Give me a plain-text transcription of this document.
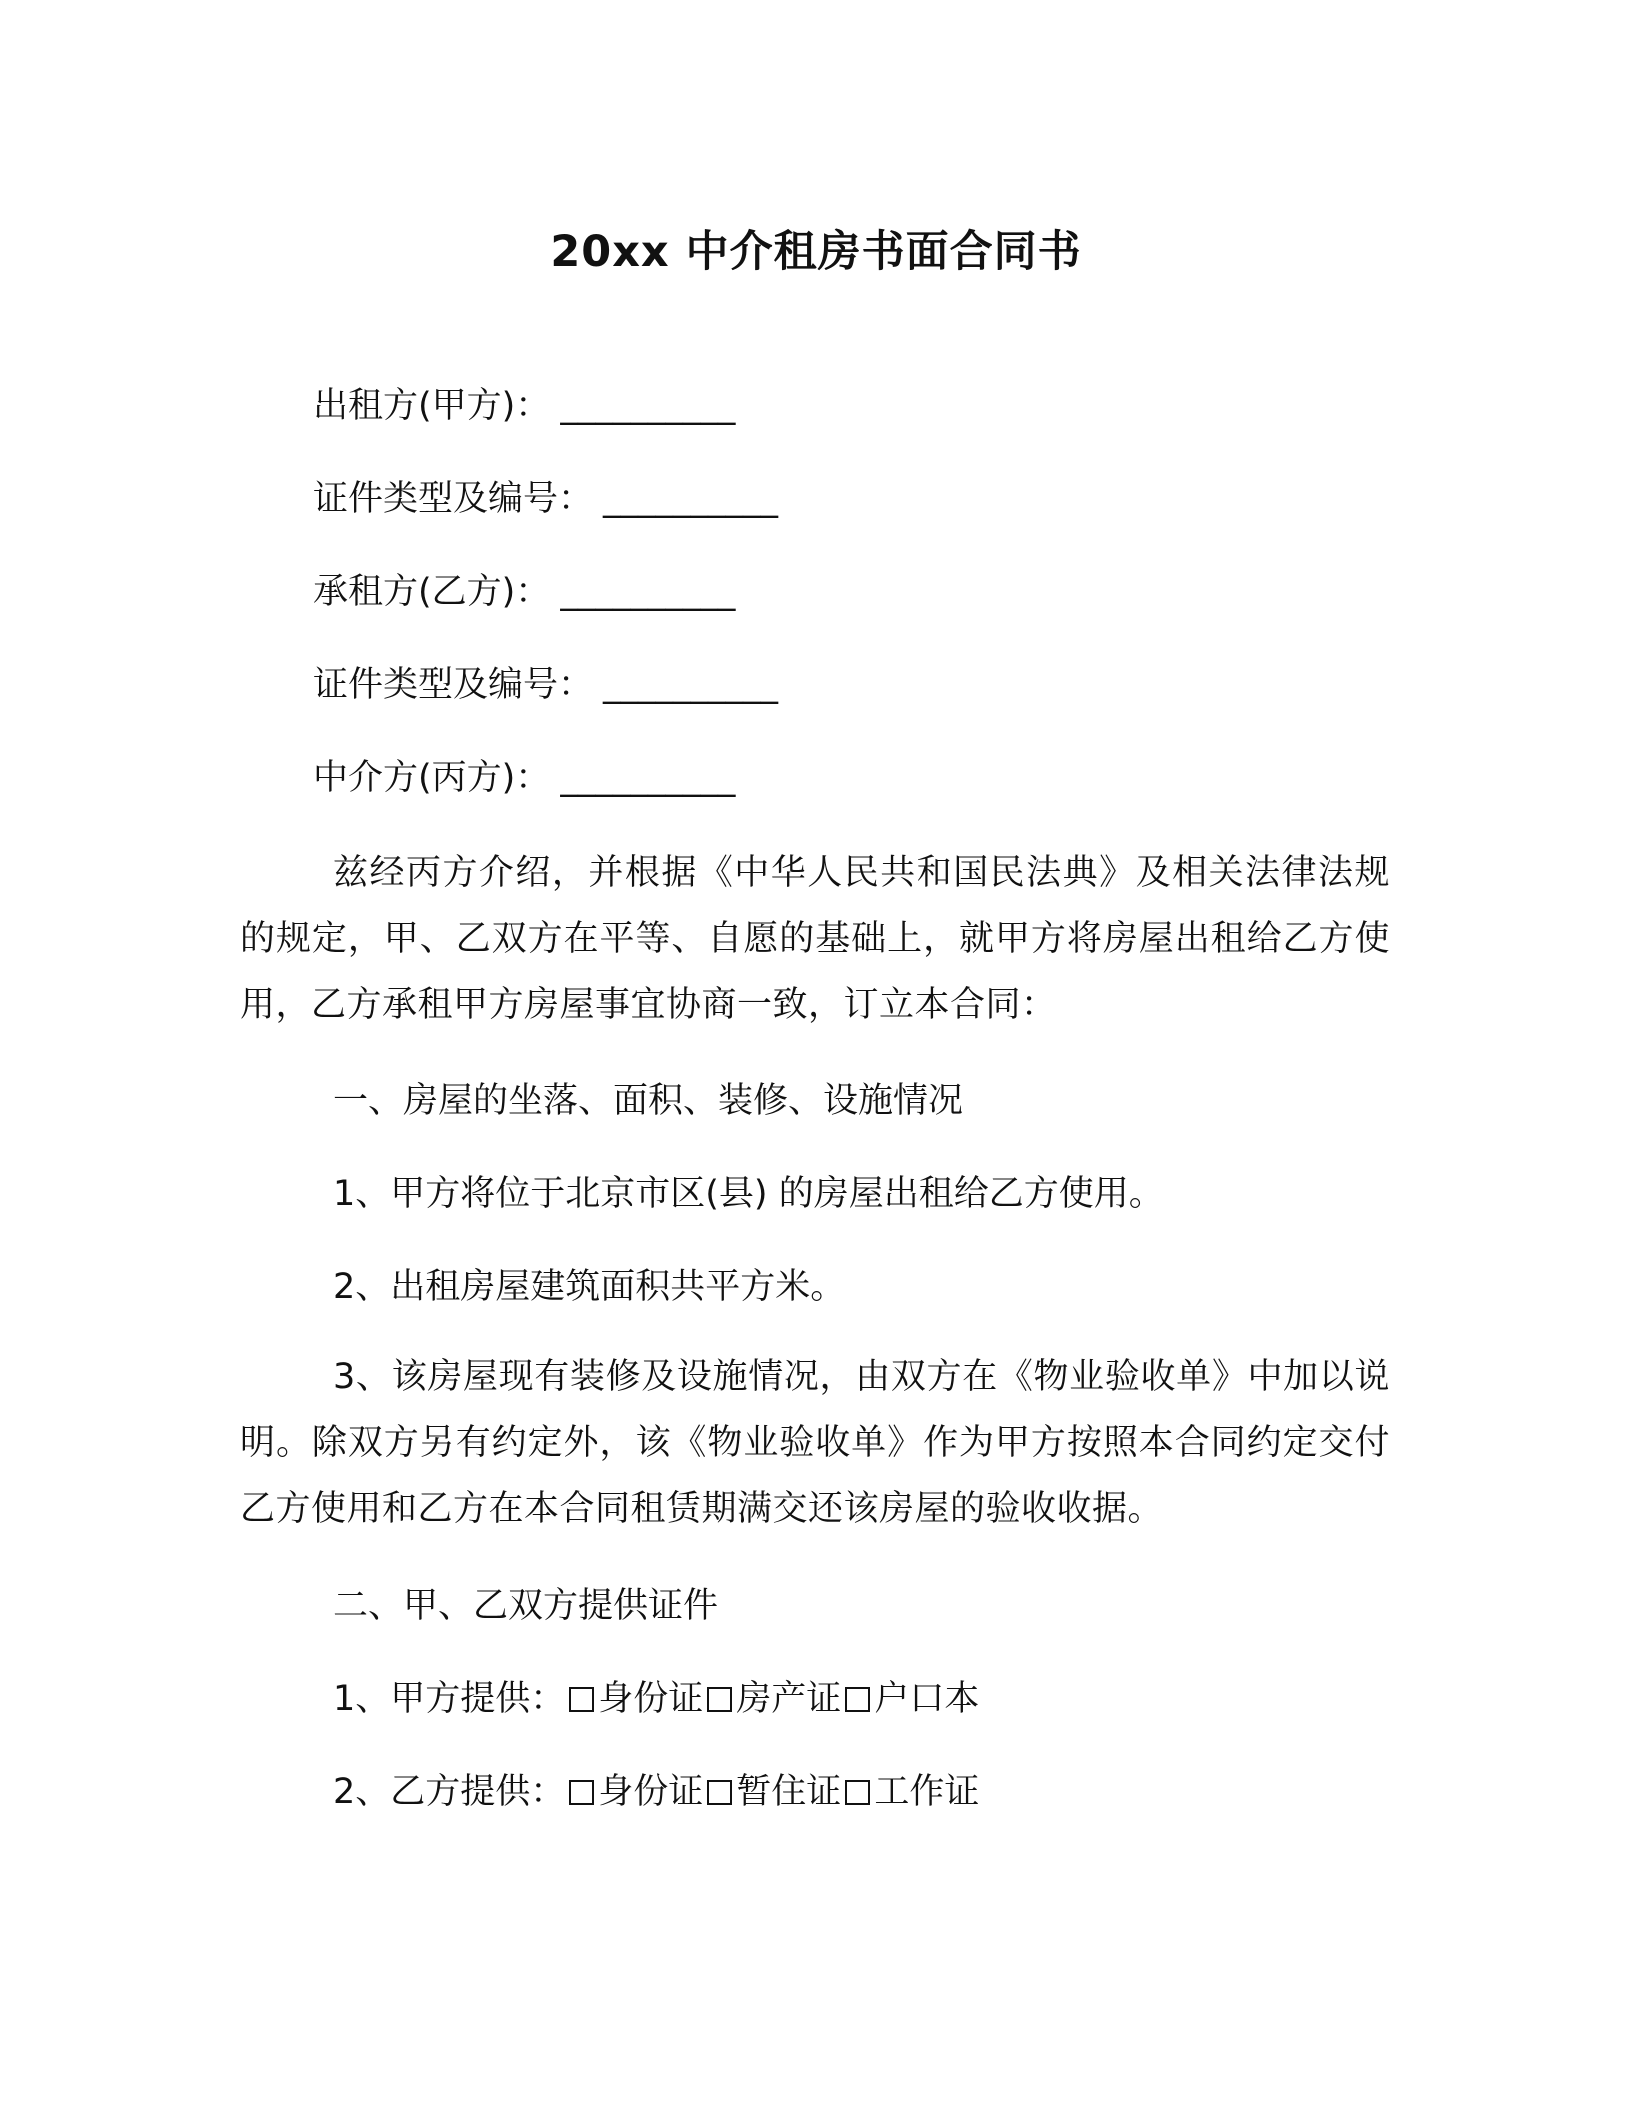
20xx 中介租房书面合同书
出租方(甲方)： __________
证件类型及编号： __________
承租方(乙方)： __________
证件类型及编号： __________
中介方(丙方)： __________
兹经丙方介绍，并根据《中华人民共和国民法典》及相关法律法规的规定，甲、乙双方在平等、自愿的基础上，就甲方将房屋出租给乙方使用，乙方承租甲方房屋事宜协商一致，订立本合同：
一、房屋的坐落、面积、装修、设施情况
1、甲方将位于北京市区(县) 的房屋出租给乙方使用。
2、出租房屋建筑面积共平方米。
3、该房屋现有装修及设施情况，由双方在《物业验收单》中加以说明。除双方另有约定外，该《物业验收单》作为甲方按照本合同约定交付乙方使用和乙方在本合同租赁期满交还该房屋的验收收据。
二、甲、乙双方提供证件
1、甲方提供： 身份证 房产证 户口本
2、乙方提供： 身份证 暂住证 工作证
